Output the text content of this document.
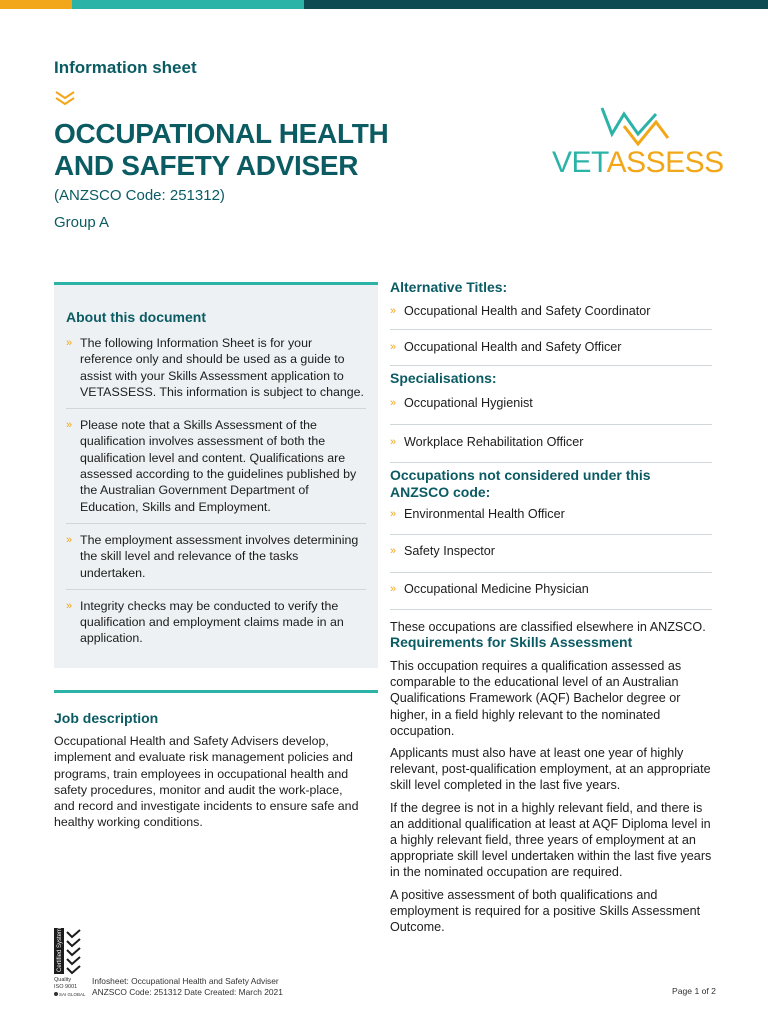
Information sheet
OCCUPATIONAL HEALTH
AND SAFETY ADVISER
(ANZSCO Code: 251312)
Group A
VETASSESS
About this document
» The following Information Sheet is for your reference only and should be used as a guide to assist with your Skills Assessment application to VETASSESS. This information is subject to change.
» Please note that a Skills Assessment of the qualification involves assessment of both the qualification level and content. Qualifications are assessed according to the guidelines published by the Australian Government Department of Education, Skills and Employment.
» The employment assessment involves determining the skill level and relevance of the tasks undertaken.
» Integrity checks may be conducted to verify the qualification and employment claims made in an application.
Job description
Occupational Health and Safety Advisers develop, implement and evaluate risk management policies and programs, train employees in occupational health and safety procedures, monitor and audit the work-place, and record and investigate incidents to ensure safe and healthy working conditions.
Alternative Titles:
» Occupational Health and Safety Coordinator
» Occupational Health and Safety Officer
Specialisations:
» Occupational Hygienist
» Workplace Rehabilitation Officer
Occupations not considered under this ANZSCO code:
» Environmental Health Officer
» Safety Inspector
» Occupational Medicine Physician
These occupations are classified elsewhere in ANZSCO.
Requirements for Skills Assessment
This occupation requires a qualification assessed as comparable to the educational level of an Australian Qualifications Framework (AQF) Bachelor degree or higher, in a field highly relevant to the nominated occupation.
Applicants must also have at least one year of highly relevant, post-qualification employment, at an appropriate skill level completed in the last five years.
If the degree is not in a highly relevant field, and there is an additional qualification at least at AQF Diploma level in a highly relevant field, three years of employment at an appropriate skill level undertaken within the last five years in the nominated occupation are required.
A positive assessment of both qualifications and employment is required for a positive Skills Assessment Outcome.
Certified System
Quality
ISO 9001
SAI GLOBAL
Infosheet: Occupational Health and Safety Adviser
ANZSCO Code: 251312 Date Created: March 2021	Page 1 of 2
